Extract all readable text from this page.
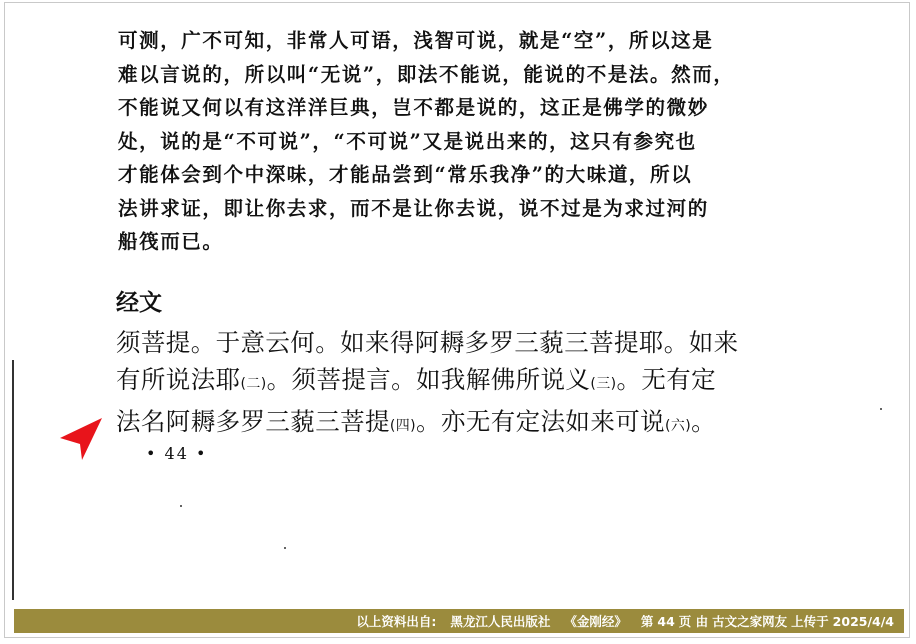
可测，广不可知，非常人可语，浅智可说，就是“空”，所以这是

难以言说的，所以叫“无说”，即法不能说，能说的不是法。然而，

不能说又何以有这洋洋巨典，岂不都是说的，这正是佛学的微妙

处，说的是“不可说”，“不可说”又是说出来的，这只有参究也

才能体会到个中深味，才能品尝到“常乐我净”的大味道，所以

法讲求证，即让你去求，而不是让你去说，说不过是为求过河的

船筏而已。

经文
须菩提。于意云何。如来得阿耨多罗三藐三菩提耶。如来
有所说法耶(二)。须菩提言。如我解佛所说义(三)。无有定
法名阿耨多罗三藐三菩提(四)。亦无有定法如来可说(六)。
• 44 •
以上资料出自: 黑龙江人民出版社 《金刚经》 第 44 页 由 古文之家网友 上传于 2025/4/4
